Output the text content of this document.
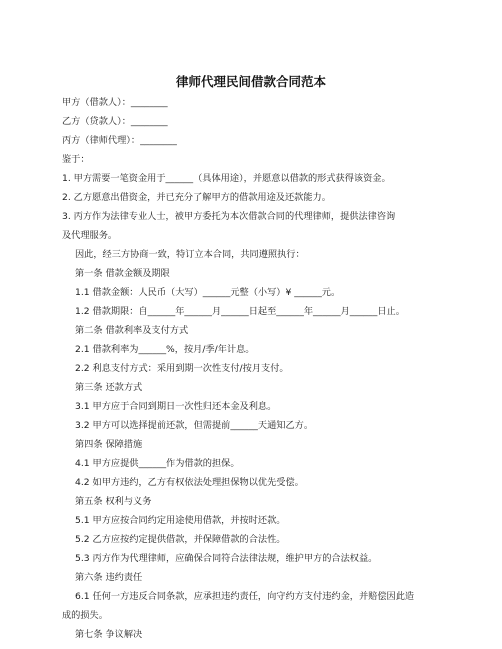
律师代理民间借款合同范本
甲方（借款人）：________
乙方（贷款人）：________
丙方（律师代理）：________
鉴于：
1. 甲方需要一笔资金用于______（具体用途），并愿意以借款的形式获得该资金。
2. 乙方愿意出借资金，并已充分了解甲方的借款用途及还款能力。
3. 丙方作为法律专业人士，被甲方委托为本次借款合同的代理律师，提供法律咨询
及代理服务。
因此，经三方协商一致，特订立本合同，共同遵照执行：
第一条 借款金额及期限
1.1 借款金额：人民币（大写）______元整（小写）¥ ______元。
1.2 借款期限：自______年______月______日起至______年______月______日止。
第二条 借款利率及支付方式
2.1 借款利率为______%，按月/季/年计息。
2.2 利息支付方式：采用到期一次性支付/按月支付。
第三条 还款方式
3.1 甲方应于合同到期日一次性归还本金及利息。
3.2 甲方可以选择提前还款，但需提前______天通知乙方。
第四条 保障措施
4.1 甲方应提供______作为借款的担保。
4.2 如甲方违约，乙方有权依法处理担保物以优先受偿。
第五条 权利与义务
5.1 甲方应按合同约定用途使用借款，并按时还款。
5.2 乙方应按约定提供借款，并保障借款的合法性。
5.3 丙方作为代理律师，应确保合同符合法律法规，维护甲方的合法权益。
第六条 违约责任
6.1 任何一方违反合同条款，应承担违约责任，向守约方支付违约金，并赔偿因此造
成的损失。
第七条 争议解决
